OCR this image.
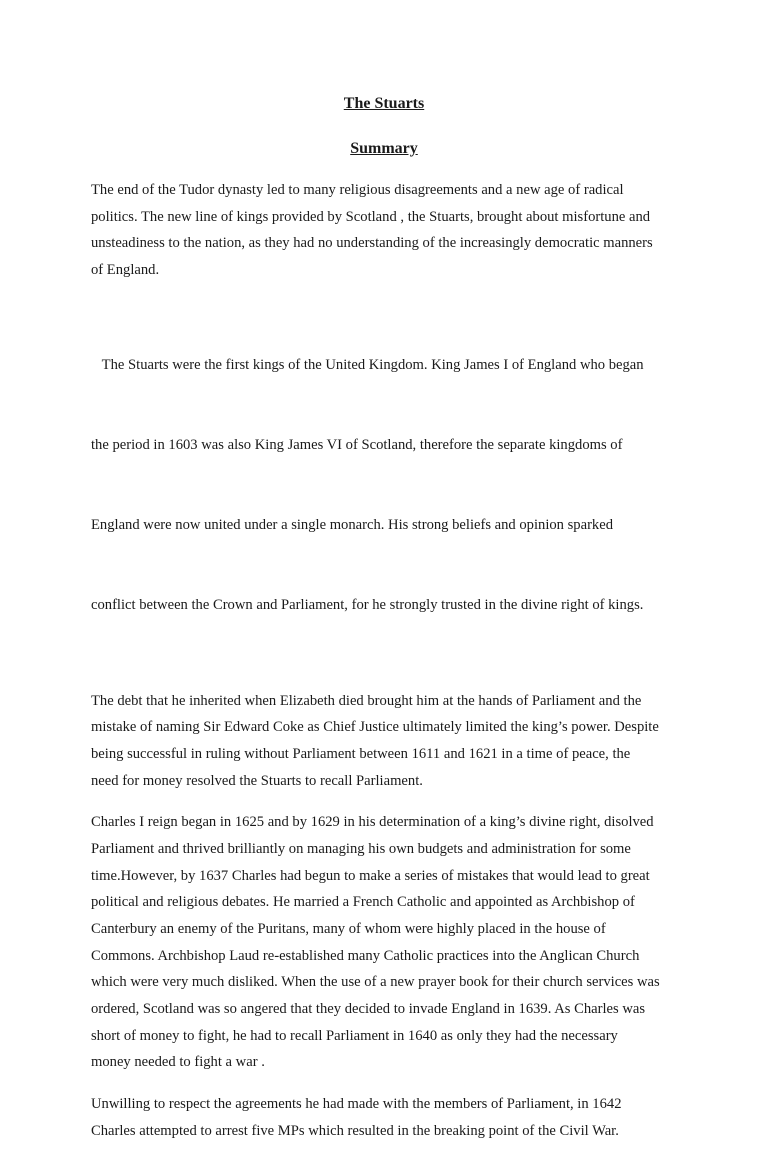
The Stuarts
Summary

The end of the Tudor dynasty led to many religious disagreements and a new age of radical
politics. The new line of kings provided by Scotland , the Stuarts, brought about misfortune and
unsteadiness to the nation, as they had no understanding of the increasingly democratic manners
of England.

The Stuarts were the first kings of the United Kingdom. King James I of England who began

the period in 1603 was also King James VI of Scotland, therefore the separate kingdoms of

England were now united under a single monarch. His strong beliefs and opinion sparked

conflict between the Crown and Parliament, for he strongly trusted in the divine right of kings.

The debt that he inherited when Elizabeth died brought him at the hands of Parliament and the
mistake of naming Sir Edward Coke as Chief Justice ultimately limited the king’s power. Despite
being successful in ruling without Parliament between 1611 and 1621 in a time of peace, the
need for money resolved the Stuarts to recall Parliament.

Charles I reign began in 1625 and by 1629 in his determination of a king’s divine right, disolved
Parliament and thrived brilliantly on managing his own budgets and administration for some
time.However, by 1637 Charles had begun to make a series of mistakes that would lead to great
political and religious debates. He married a French Catholic and appointed as Archbishop of
Canterbury an enemy of the Puritans, many of whom were highly placed in the house of
Commons. Archbishop Laud re-established many Catholic practices into the Anglican Church
which were very much disliked. When the use of a new prayer book for their church services was
ordered, Scotland was so angered that they decided to invade England in 1639. As Charles was
short of money to fight, he had to recall Parliament in 1640 as only they had the necessary
money needed to fight a war .

Unwilling to respect the agreements he had made with the members of Parliament, in 1642
Charles attempted to arrest five MPs which resulted in the breaking point of the Civil War.
